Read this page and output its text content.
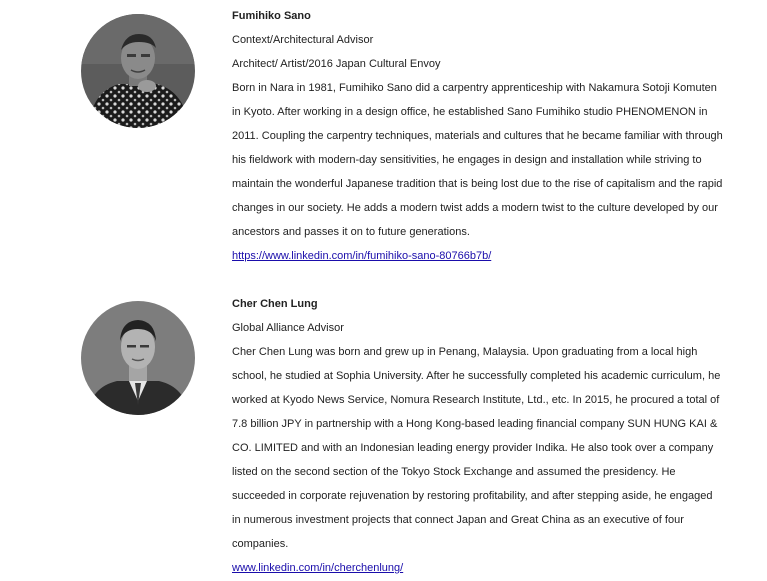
Fumihiko Sano
Context/Architectural Advisor
Architect/ Artist/2016 Japan Cultural Envoy
Born in Nara in 1981, Fumihiko Sano did a carpentry apprenticeship with Nakamura Sotoji Komuten
in Kyoto. After working in a design office, he established Sano Fumihiko studio PHENOMENON in
2011. Coupling the carpentry techniques, materials and cultures that he became familiar with through
his fieldwork with modern-day sensitivities, he engages in design and installation while striving to
maintain the wonderful Japanese tradition that is being lost due to the rise of capitalism and the rapid
changes in our society. He adds a modern twist adds a modern twist to the culture developed by our
ancestors and passes it on to future generations.
https://www.linkedin.com/in/fumihiko-sano-80766b7b/
Cher Chen Lung
Global Alliance Advisor
Cher Chen Lung was born and grew up in Penang, Malaysia. Upon graduating from a local high
school, he studied at Sophia University. After he successfully completed his academic curriculum, he
worked at Kyodo News Service, Nomura Research Institute, Ltd., etc. In 2015, he procured a total of
7.8 billion JPY in partnership with a Hong Kong-based leading financial company SUN HUNG KAI &
CO. LIMITED and with an Indonesian leading energy provider Indika. He also took over a company
listed on the second section of the Tokyo Stock Exchange and assumed the presidency. He
succeeded in corporate rejuvenation by restoring profitability, and after stepping aside, he engaged
in numerous investment projects that connect Japan and Great China as an executive of four
companies.
www.linkedin.com/in/cherchenlung/
